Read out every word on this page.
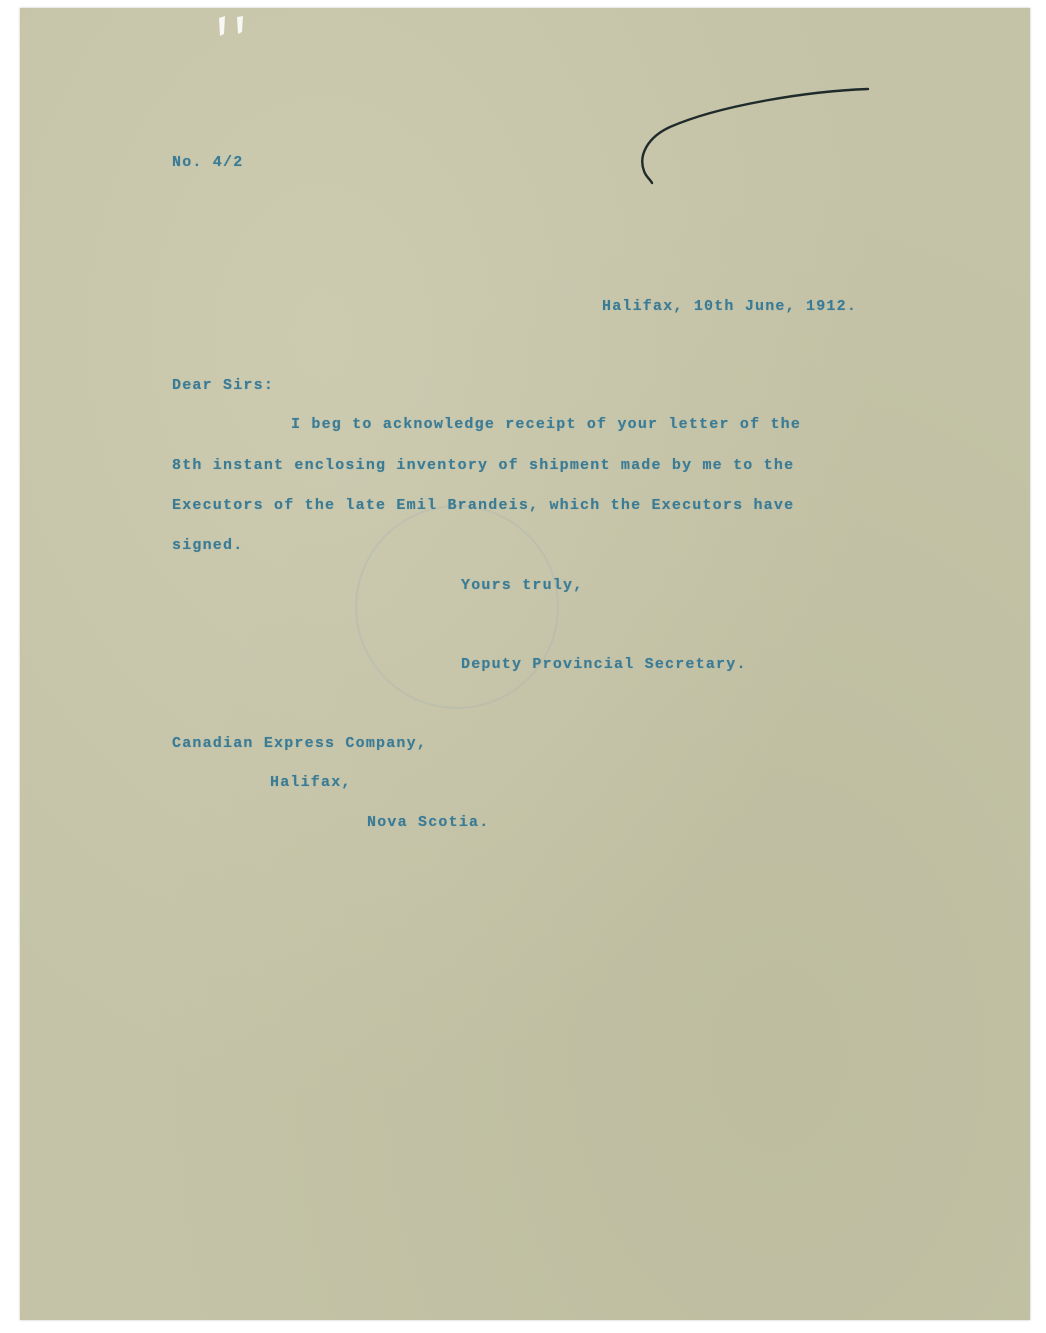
No. 4/2
Halifax, 10th June, 1912.
Dear Sirs:
I beg to acknowledge receipt of your letter of the
8th instant enclosing inventory of shipment made by me to the
Executors of the late Emil Brandeis, which the Executors have
signed.
Yours truly,
Deputy Provincial Secretary.
Canadian Express Company,
Halifax,
Nova Scotia.
